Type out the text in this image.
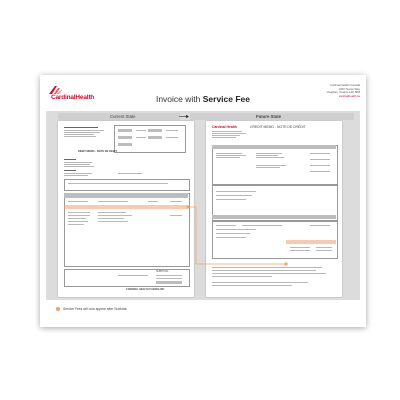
CardinalHealth	Invoice with Service Fee
Cardinal Health Canada
1000 Tesma Way
Vaughan, Ontario L4K 5R8
cardinalhealth.ca
Current State	Future State
DEBIT MEMO - NOTE DE DEBIT
SUBTOTAL
CARDINAL HEALTH CANADA INC
Cardinal Health	CREDIT MEMO - NOTE DE CRÉDIT
Service Fees will now appear after Subtotal.
